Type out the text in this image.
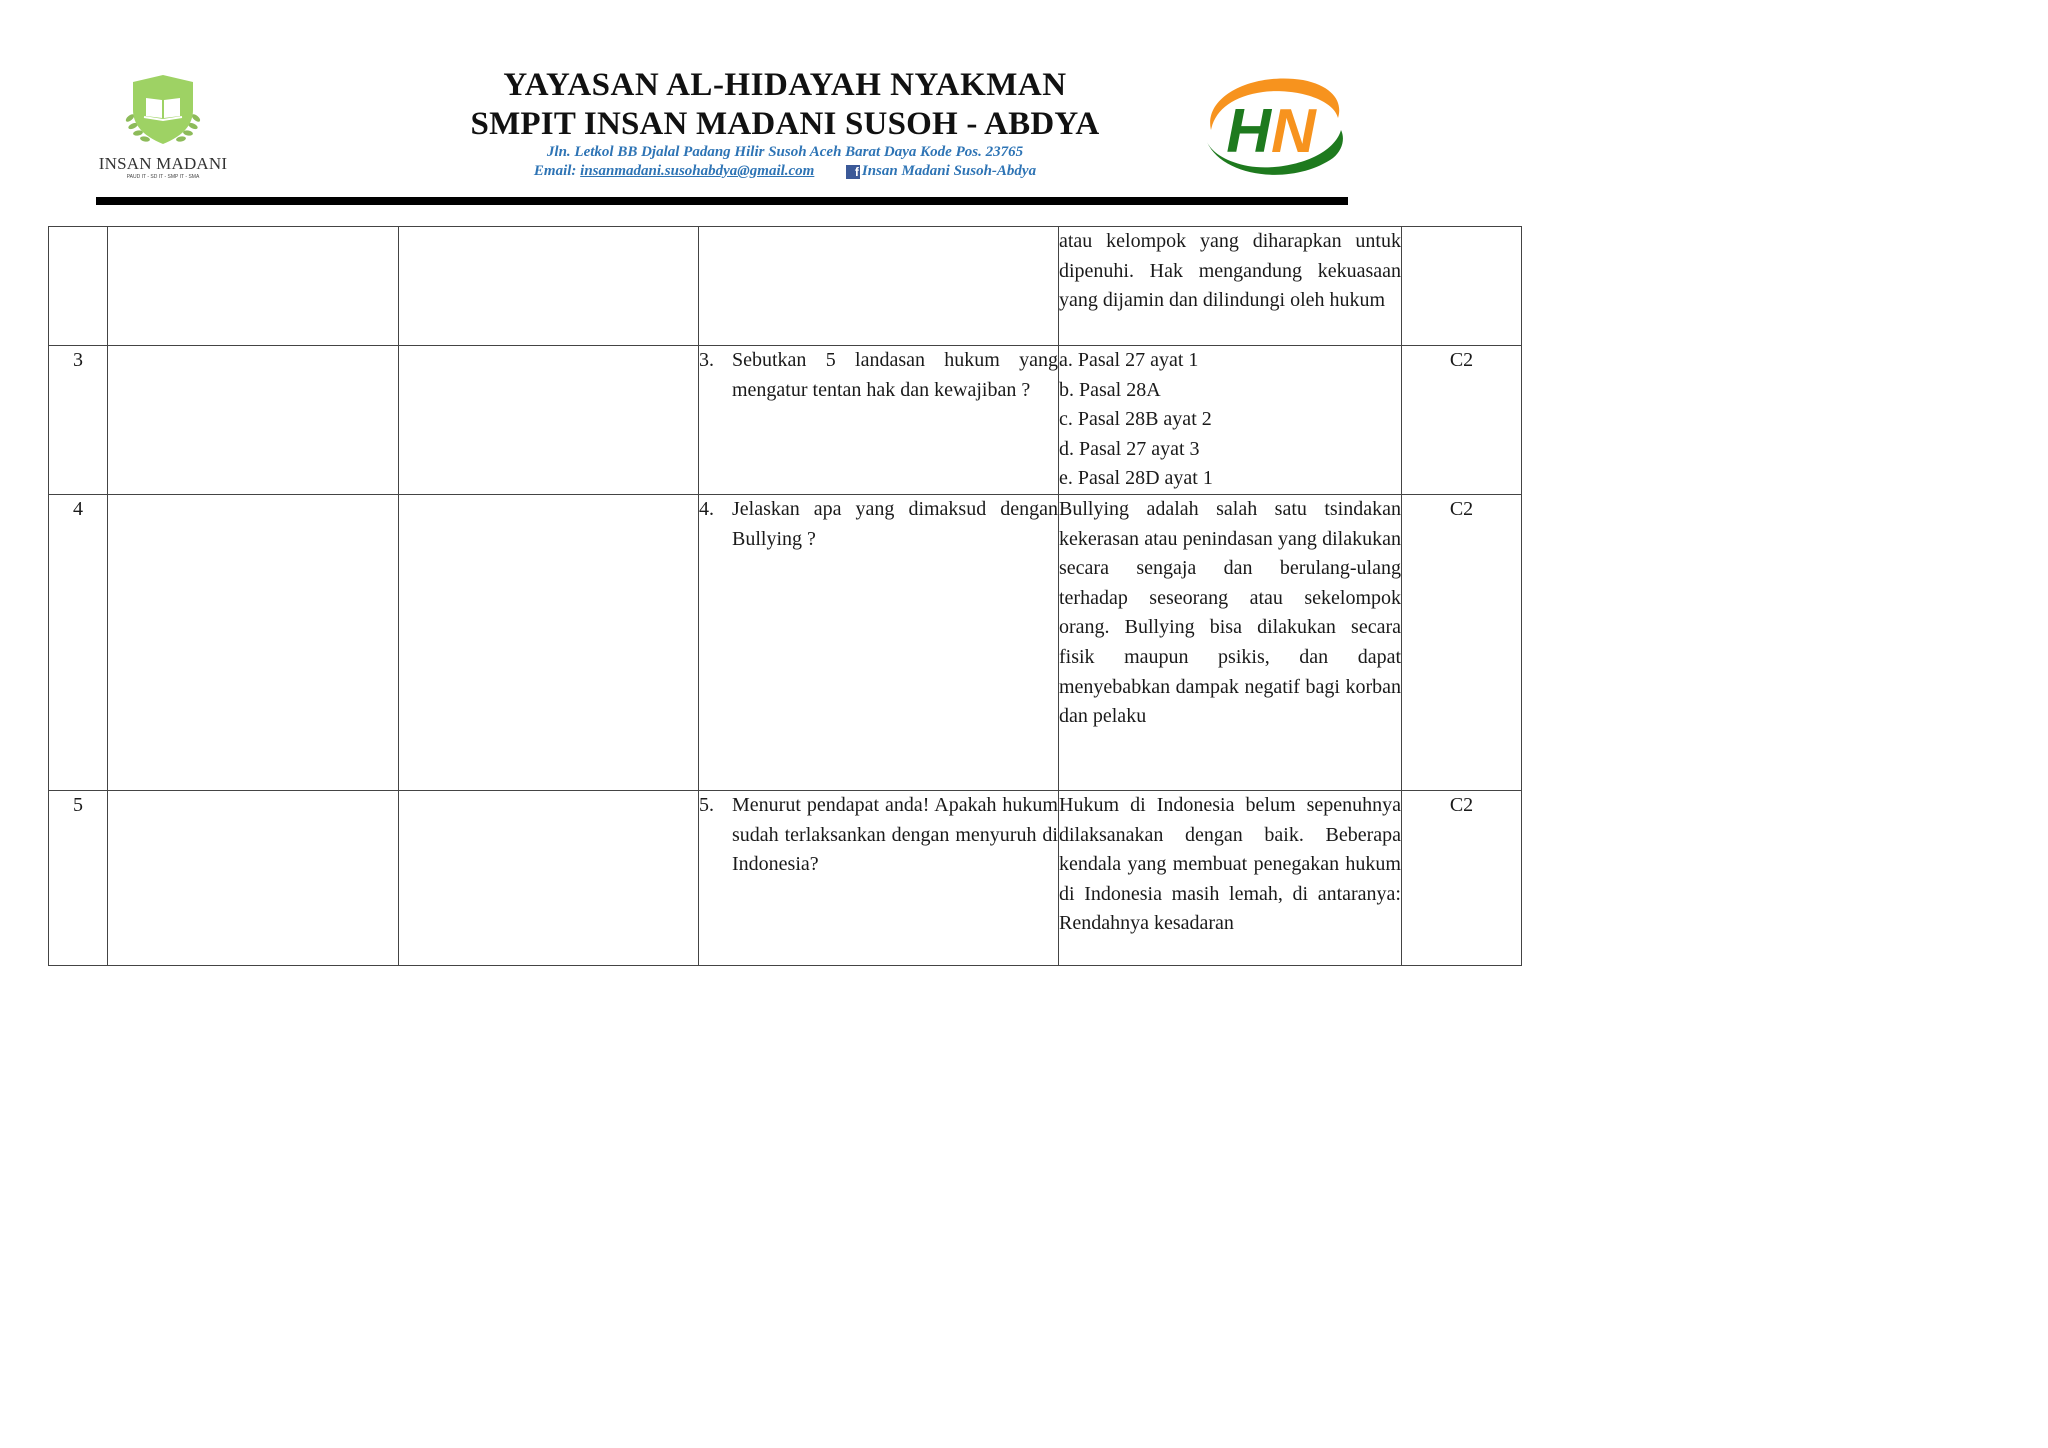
INSAN MADANI
PAUD IT - SD IT - SMP IT - SMA
YAYASAN AL-HIDAYAH NYAKMAN
SMPIT INSAN MADANI SUSOH - ABDYA
Jln. Letkol BB Djalal Padang Hilir Susoh Aceh Barat Daya Kode Pos. 23765
Email: insanmadani.susohabdya@gmail.com	f Insan Madani Susoh-Abdya
HN

				atau kelompok yang diharapkan untuk dipenuhi. Hak mengandung kekuasaan yang dijamin dan dilindungi oleh hukum	

3			3. Sebutkan 5 landasan hukum yang mengatur tentan hak dan kewajiban ?	a. Pasal 27 ayat 1
b. Pasal 28A
c. Pasal 28B ayat 2
d. Pasal 27 ayat 3
e. Pasal 28D ayat 1	C2
4			4. Jelaskan apa yang dimaksud dengan Bullying ?	Bullying adalah salah satu tsindakan kekerasan atau penindasan yang dilakukan secara sengaja dan berulang-ulang terhadap seseorang atau sekelompok orang. Bullying bisa dilakukan secara fisik maupun psikis, dan dapat menyebabkan dampak negatif bagi korban dan pelaku	C2
5			5. Menurut pendapat anda! Apakah hukum sudah terlaksankan dengan menyuruh di Indonesia?	Hukum di Indonesia belum sepenuhnya dilaksanakan dengan baik. Beberapa kendala yang membuat penegakan hukum di Indonesia masih lemah, di antaranya: Rendahnya kesadaran	C2
